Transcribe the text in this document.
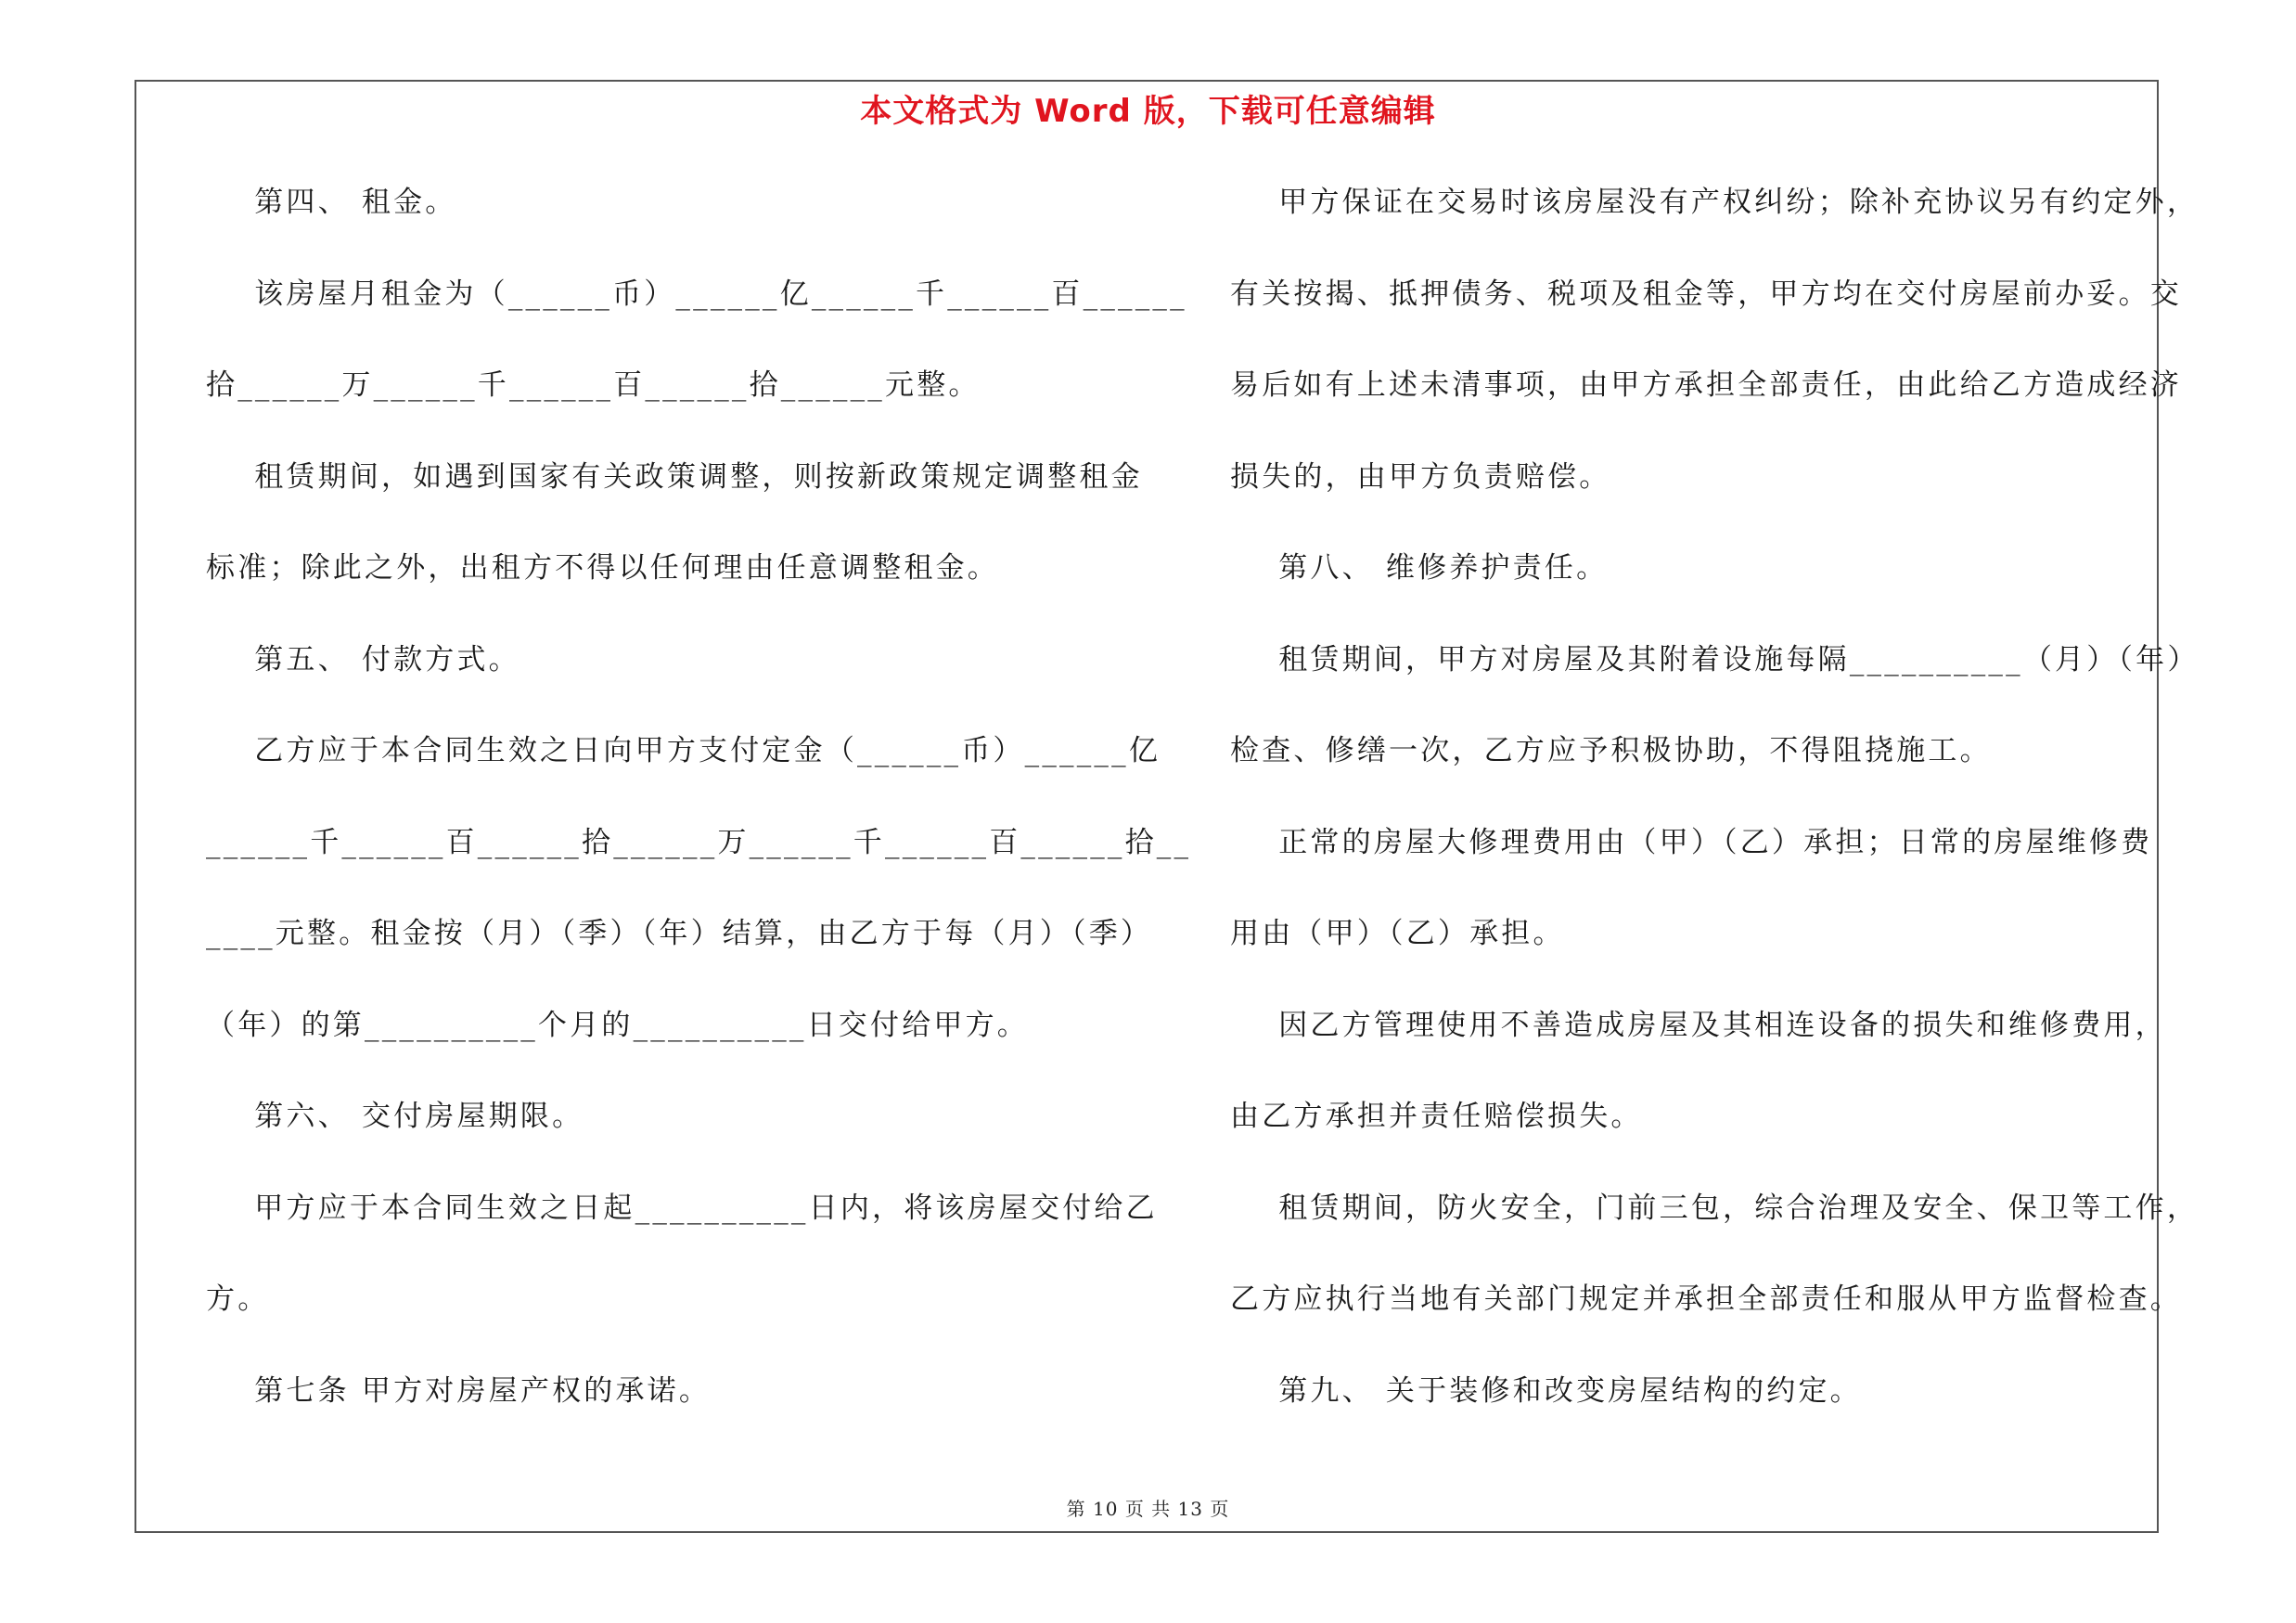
本文格式为 Word 版，下载可任意编辑
第四、 租金。
该房屋月租金为（______币）______亿______千______百______
拾______万______千______百______拾______元整。
租赁期间，如遇到国家有关政策调整，则按新政策规定调整租金
标准；除此之外，出租方不得以任何理由任意调整租金。
第五、 付款方式。
乙方应于本合同生效之日向甲方支付定金（______币）______亿
______千______百______拾______万______千______百______拾__
____元整。租金按（月）（季）（年）结算，由乙方于每（月）（季）
（年）的第__________个月的__________日交付给甲方。
第六、 交付房屋期限。
甲方应于本合同生效之日起__________日内，将该房屋交付给乙
方。
第七条 甲方对房屋产权的承诺。
甲方保证在交易时该房屋没有产权纠纷；除补充协议另有约定外，
有关按揭、抵押债务、税项及租金等，甲方均在交付房屋前办妥。交
易后如有上述未清事项，由甲方承担全部责任，由此给乙方造成经济
损失的，由甲方负责赔偿。
第八、 维修养护责任。
租赁期间，甲方对房屋及其附着设施每隔__________（月）（年）
检查、修缮一次，乙方应予积极协助，不得阻挠施工。
正常的房屋大修理费用由（甲）（乙）承担；日常的房屋维修费
用由（甲）（乙）承担。
因乙方管理使用不善造成房屋及其相连设备的损失和维修费用，
由乙方承担并责任赔偿损失。
租赁期间，防火安全，门前三包，综合治理及安全、保卫等工作，
乙方应执行当地有关部门规定并承担全部责任和服从甲方监督检查。
第九、 关于装修和改变房屋结构的约定。
第 10 页 共 13 页
